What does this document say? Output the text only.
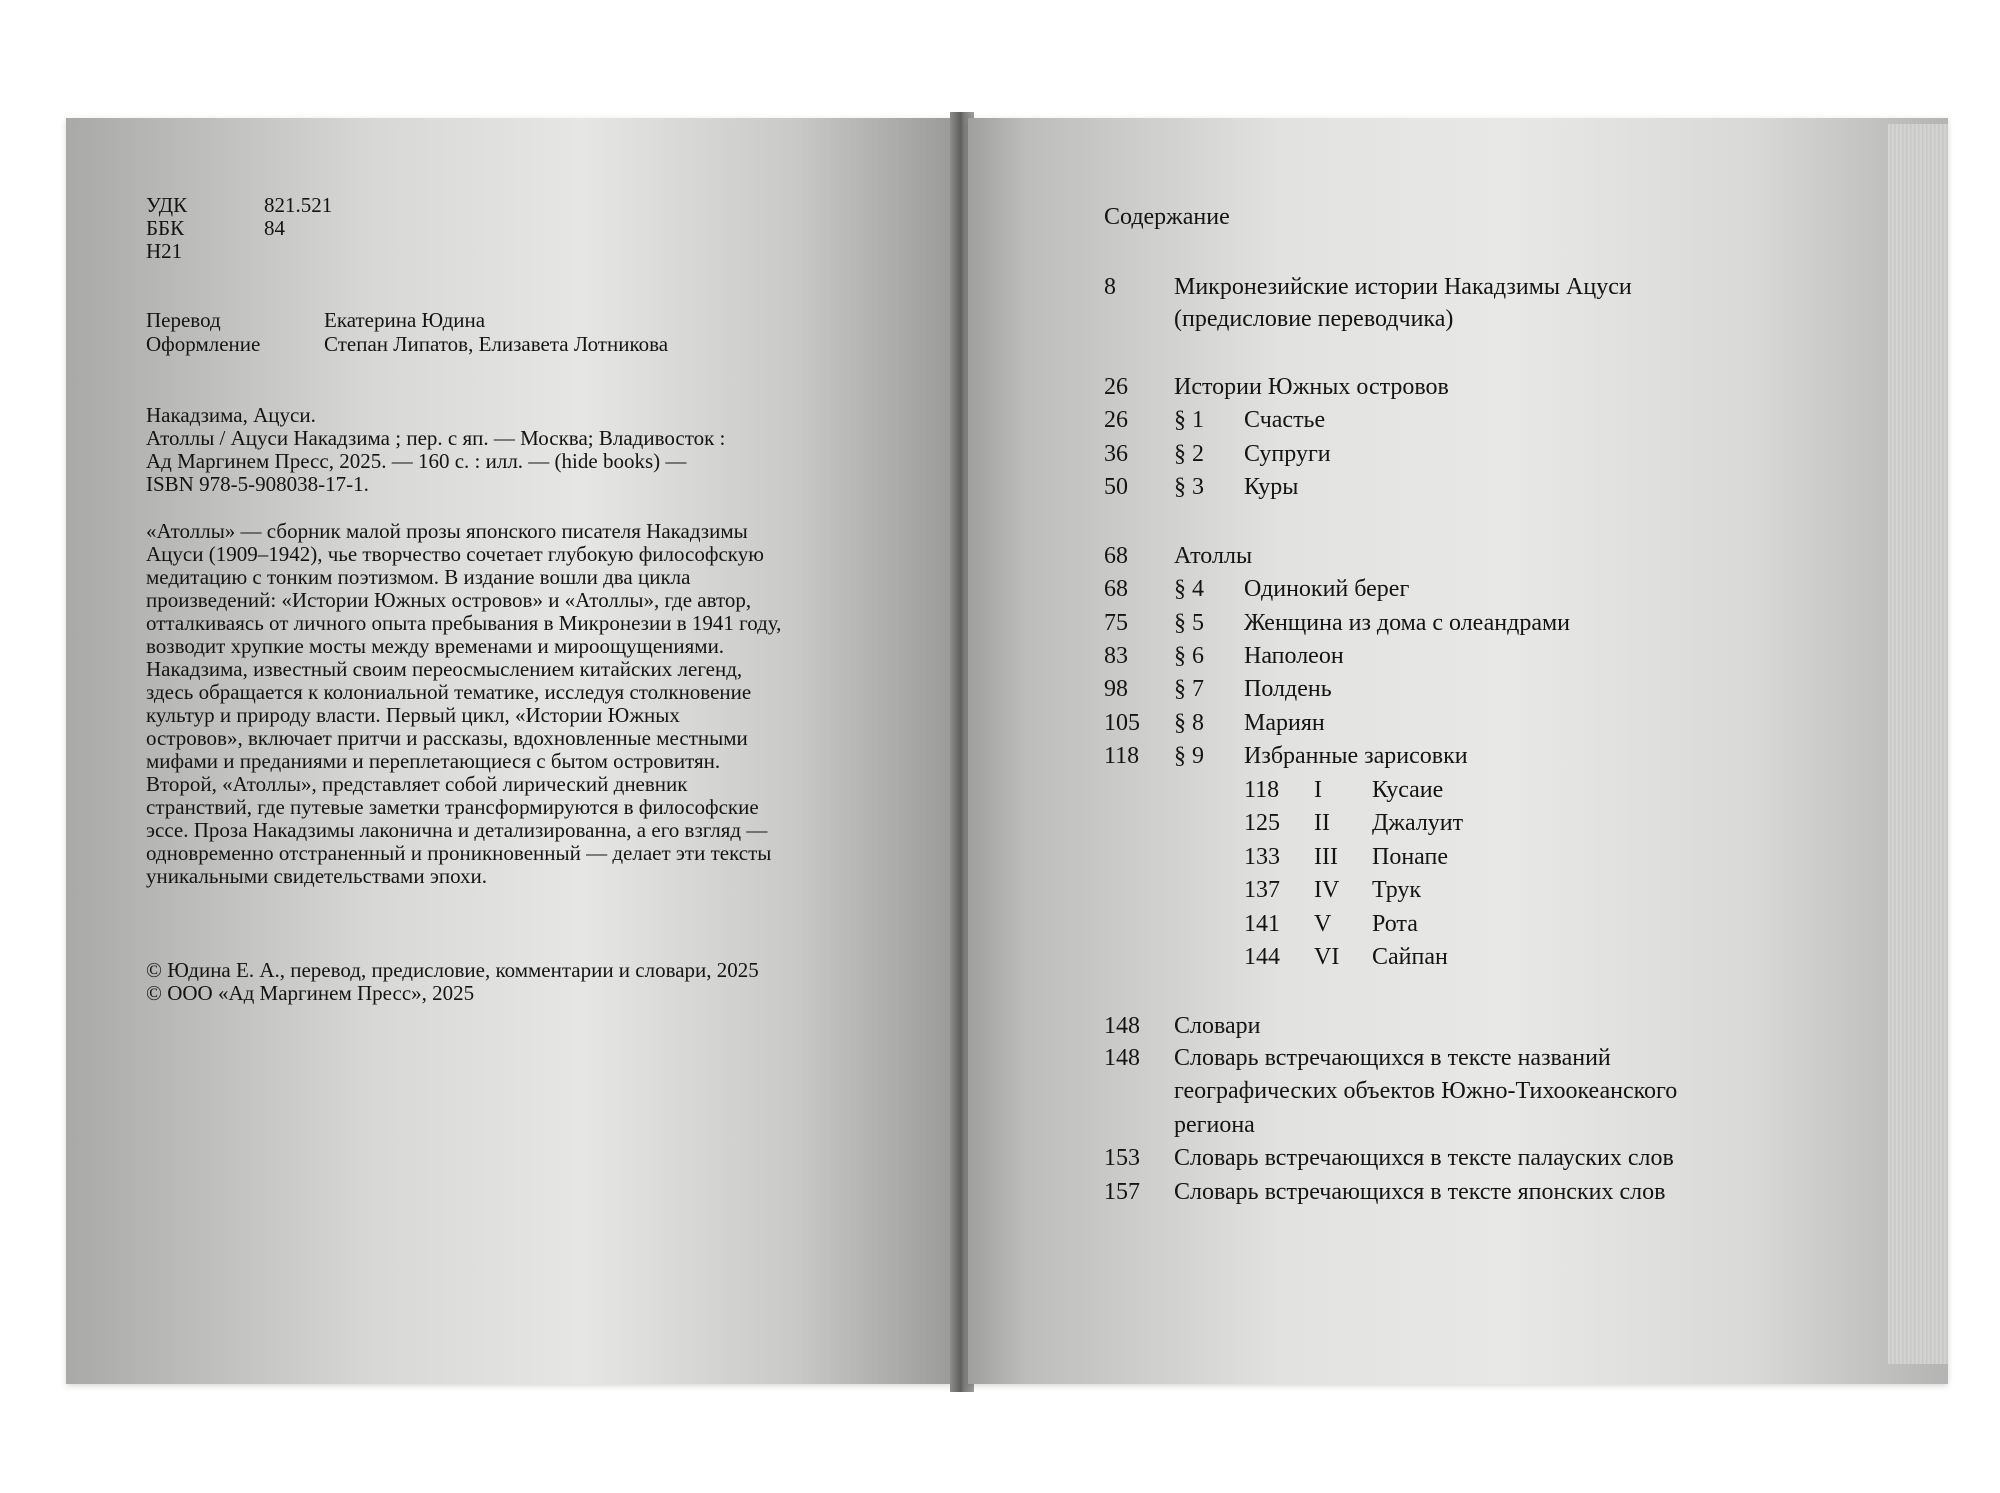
УДК	821.521
ББК	84
Н21
Перевод	Екатерина Юдина
Оформление	Степан Липатов, Елизавета Лотникова
Накадзима, Ацуси.
Атоллы / Ацуси Накадзима ; пер. с яп. — Москва; Владивосток :
Ад Маргинем Пресс, 2025. — 160 с. : илл. — (hide books) —
ISBN 978-5-908038-17-1.
«Атоллы» — сборник малой прозы японского писателя Накадзимы
Ацуси (1909–1942), чье творчество сочетает глубокую философскую
медитацию с тонким поэтизмом. В издание вошли два цикла
произведений: «Истории Южных островов» и «Атоллы», где автор,
отталкиваясь от личного опыта пребывания в Микронезии в 1941 году,
возводит хрупкие мосты между временами и мироощущениями.
Накадзима, известный своим переосмыслением китайских легенд,
здесь обращается к колониальной тематике, исследуя столкновение
культур и природу власти. Первый цикл, «Истории Южных
островов», включает притчи и рассказы, вдохновленные местными
мифами и преданиями и переплетающиеся с бытом островитян.
Второй, «Атоллы», представляет собой лирический дневник
странствий, где путевые заметки трансформируются в философские
эссе. Проза Накадзимы лаконична и детализированна, а его взгляд —
одновременно отстраненный и проникновенный — делает эти тексты
уникальными свидетельствами эпохи.
© Юдина Е. А., перевод, предисловие, комментарии и словари, 2025
© ООО «Ад Маргинем Пресс», 2025
Содержание
8 Микронезийские истории Накадзимы Ацуси
(предисловие переводчика)
26 Истории Южных островов
26 § 1 Счастье
36 § 2 Супруги
50 § 3 Куры
68 Атоллы
68 § 4 Одинокий берег
75 § 5 Женщина из дома с олеандрами
83 § 6 Наполеон
98 § 7 Полдень
105 § 8 Мариян
118 § 9 Избранные зарисовки
118 I Кусаие
125 II Джалуит
133 III Понапе
137 IV Трук
141 V Рота
144 VI Сайпан
148 Словари
148 Словарь встречающихся в тексте названий
географических объектов Южно-Тихоокеанского
региона
153 Словарь встречающихся в тексте палауских слов
157 Словарь встречающихся в тексте японских слов
